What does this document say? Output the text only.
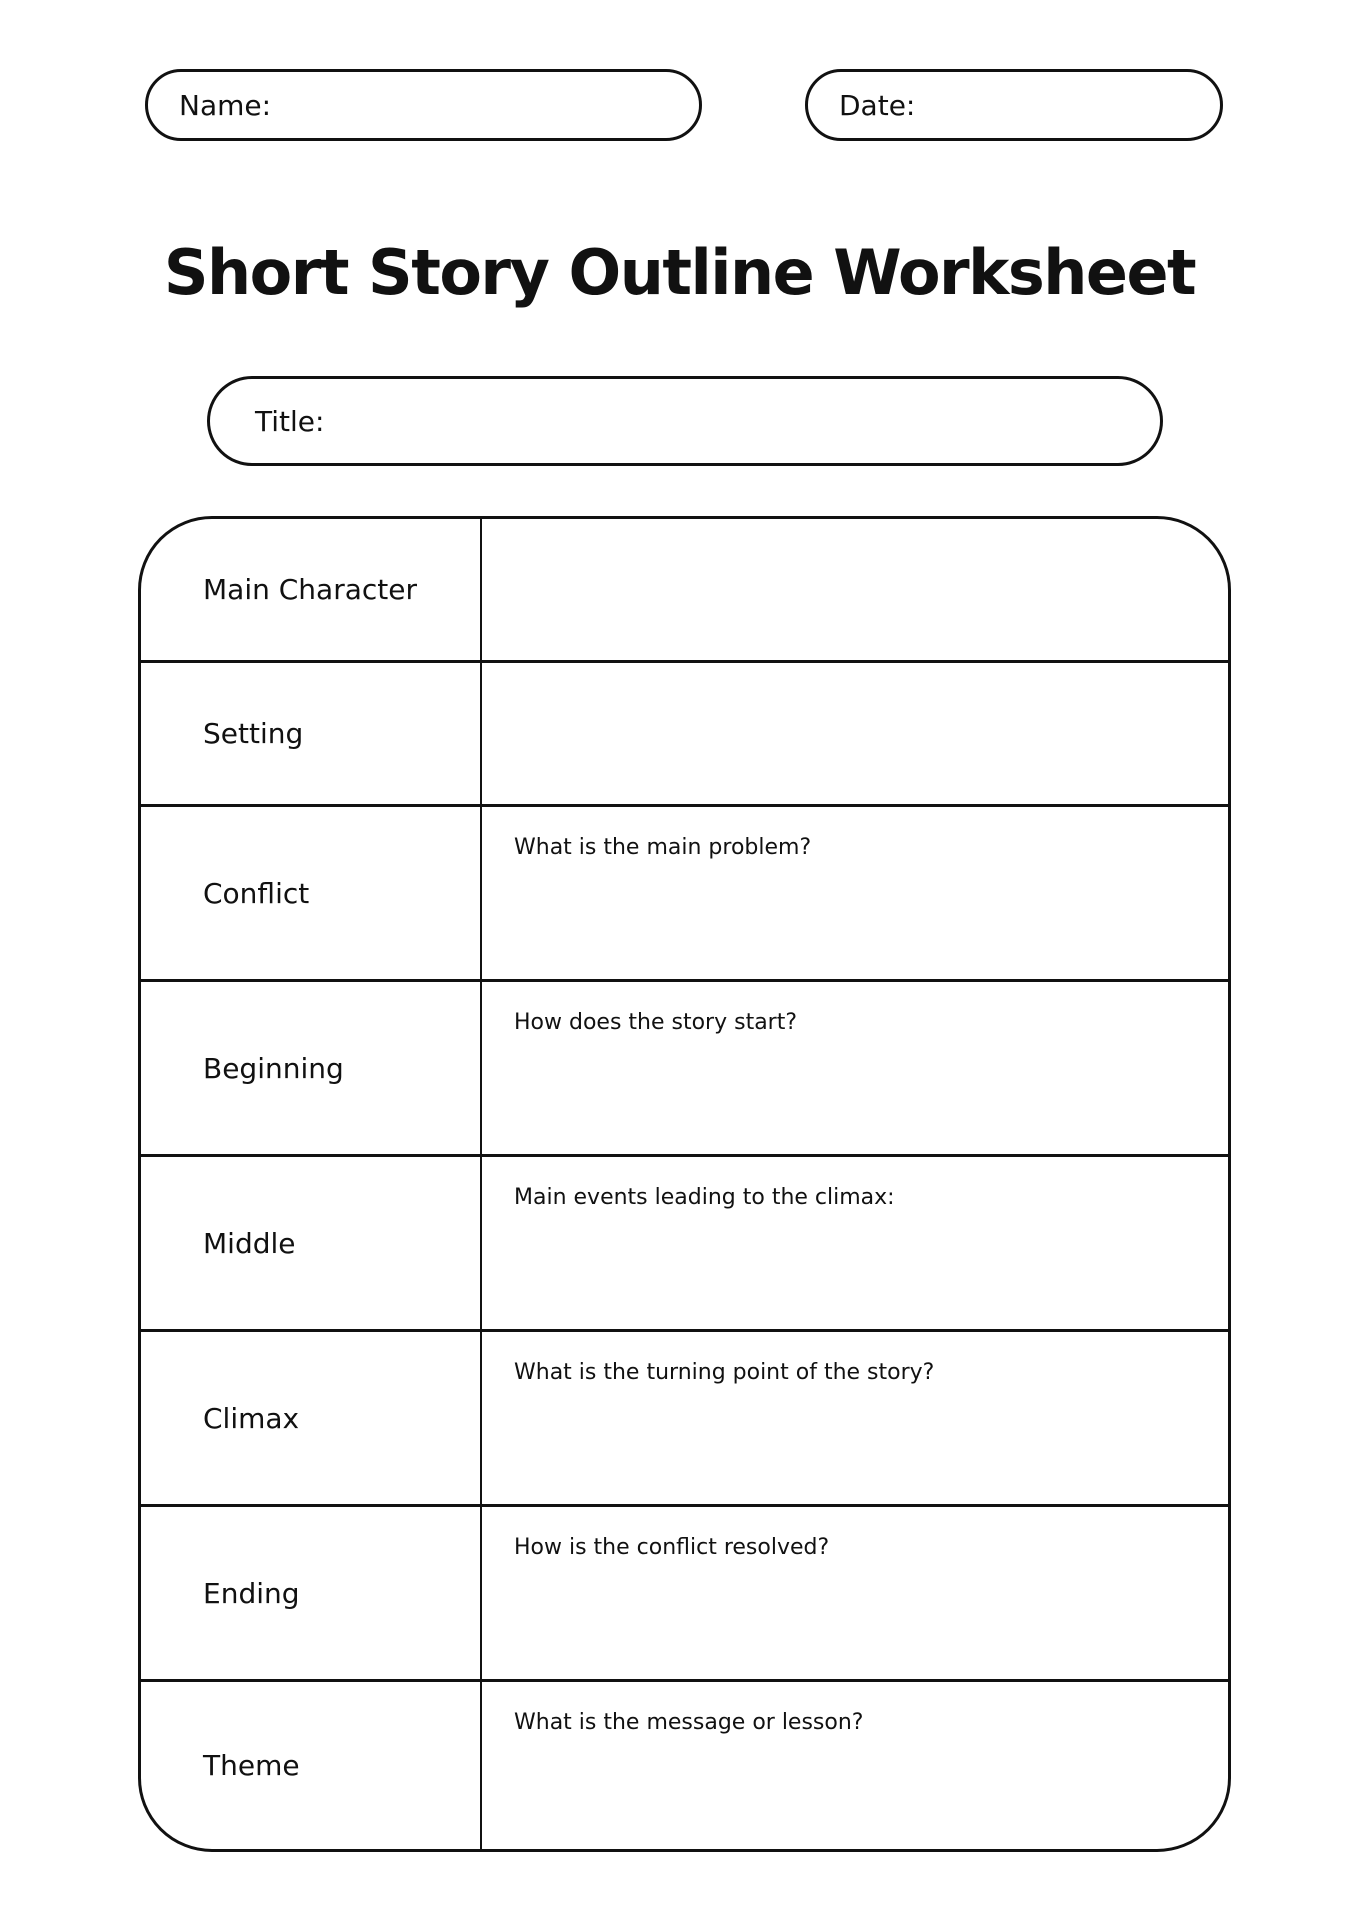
Name:	Date:
Short Story Outline Worksheet
Title:
Main Character
Setting
Conflict
What is the main problem?
Beginning
How does the story start?
Middle
Main events leading to the climax:
Climax
What is the turning point of the story?
Ending
How is the conflict resolved?
Theme
What is the message or lesson?
